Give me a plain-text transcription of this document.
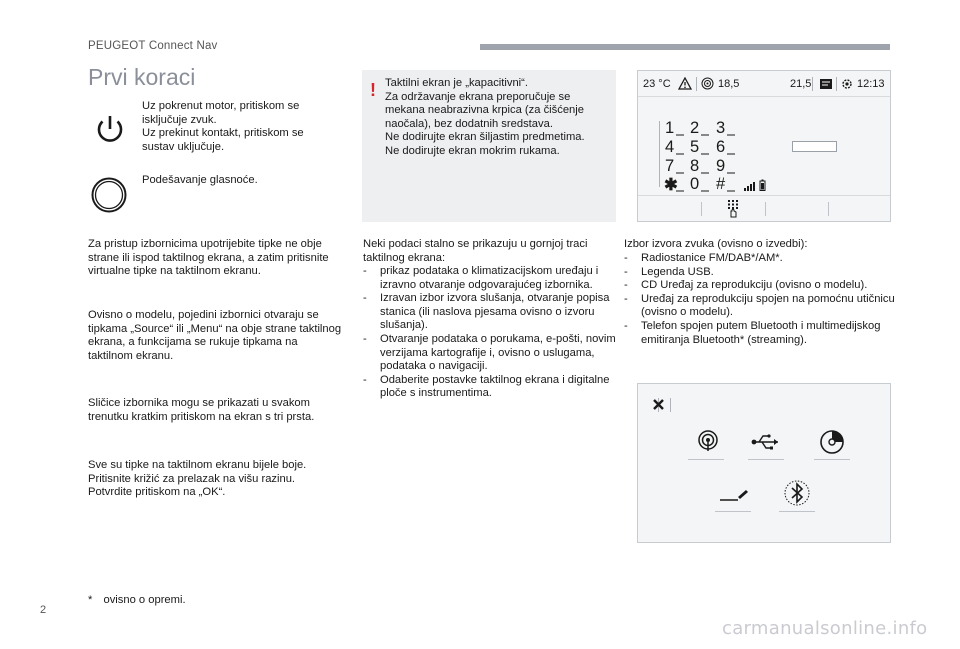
PEUGEOT Connect Nav
Prvi koraci
Uz pokrenut motor, pritiskom se isključuje zvuk.
Uz prekinut kontakt, pritiskom se sustav uključuje.
Podešavanje glasnoće.
Za pristup izbornicima upotrijebite tipke ne obje strane ili ispod taktilnog ekrana, a zatim pritisnite virtualne tipke na taktilnom ekranu.
Ovisno o modelu, pojedini izbornici otvaraju se tipkama „Source“ ili „Menu“ na obje strane taktilnog ekrana, a funkcijama se rukuje tipkama na taktilnom ekranu.
Sličice izbornika mogu se prikazati u svakom trenutku kratkim pritiskom na ekran s tri prsta.
Sve su tipke na taktilnom ekranu bijele boje. Pritisnite križić za prelazak na višu razinu. Potvrdite pritiskom na „OK“.
! Taktilni ekran je „kapacitivni“.
Za održavanje ekrana preporučuje se mekana neabrazivna krpica (za čišćenje naočala), bez dodatnih sredstava.
Ne dodirujte ekran šiljastim predmetima.
Ne dodirujte ekran mokrim rukama.
Neki podaci stalno se prikazuju u gornjoj traci taktilnog ekrana:
- prikaz podataka o klimatizacijskom uređaju i izravno otvaranje odgovarajućeg izbornika.
- Izravan izbor izvora slušanja, otvaranje popisa stanica (ili naslova pjesama ovisno o izvoru slušanja).
- Otvaranje podataka o porukama, e-pošti, novim verzijama kartografije i, ovisno o uslugama, podataka o navigaciji.
- Odaberite postavke taktilnog ekrana i digitalne ploče s instrumentima.
23 °C	18,5	21,5	12:13
1 2 3
4 5 6
7 8 9
✱ 0 #
Izbor izvora zvuka (ovisno o izvedbi):
- Radiostanice FM/DAB*/AM*.
- Legenda USB.
- CD Uređaj za reprodukciju (ovisno o modelu).
- Uređaj za reprodukciju spojen na pomoćnu utičnicu (ovisno o modelu).
- Telefon spojen putem Bluetooth i multimedijskog emitiranja Bluetooth* (streaming).
* ovisno o opremi.
2
carmanualsonline.info
